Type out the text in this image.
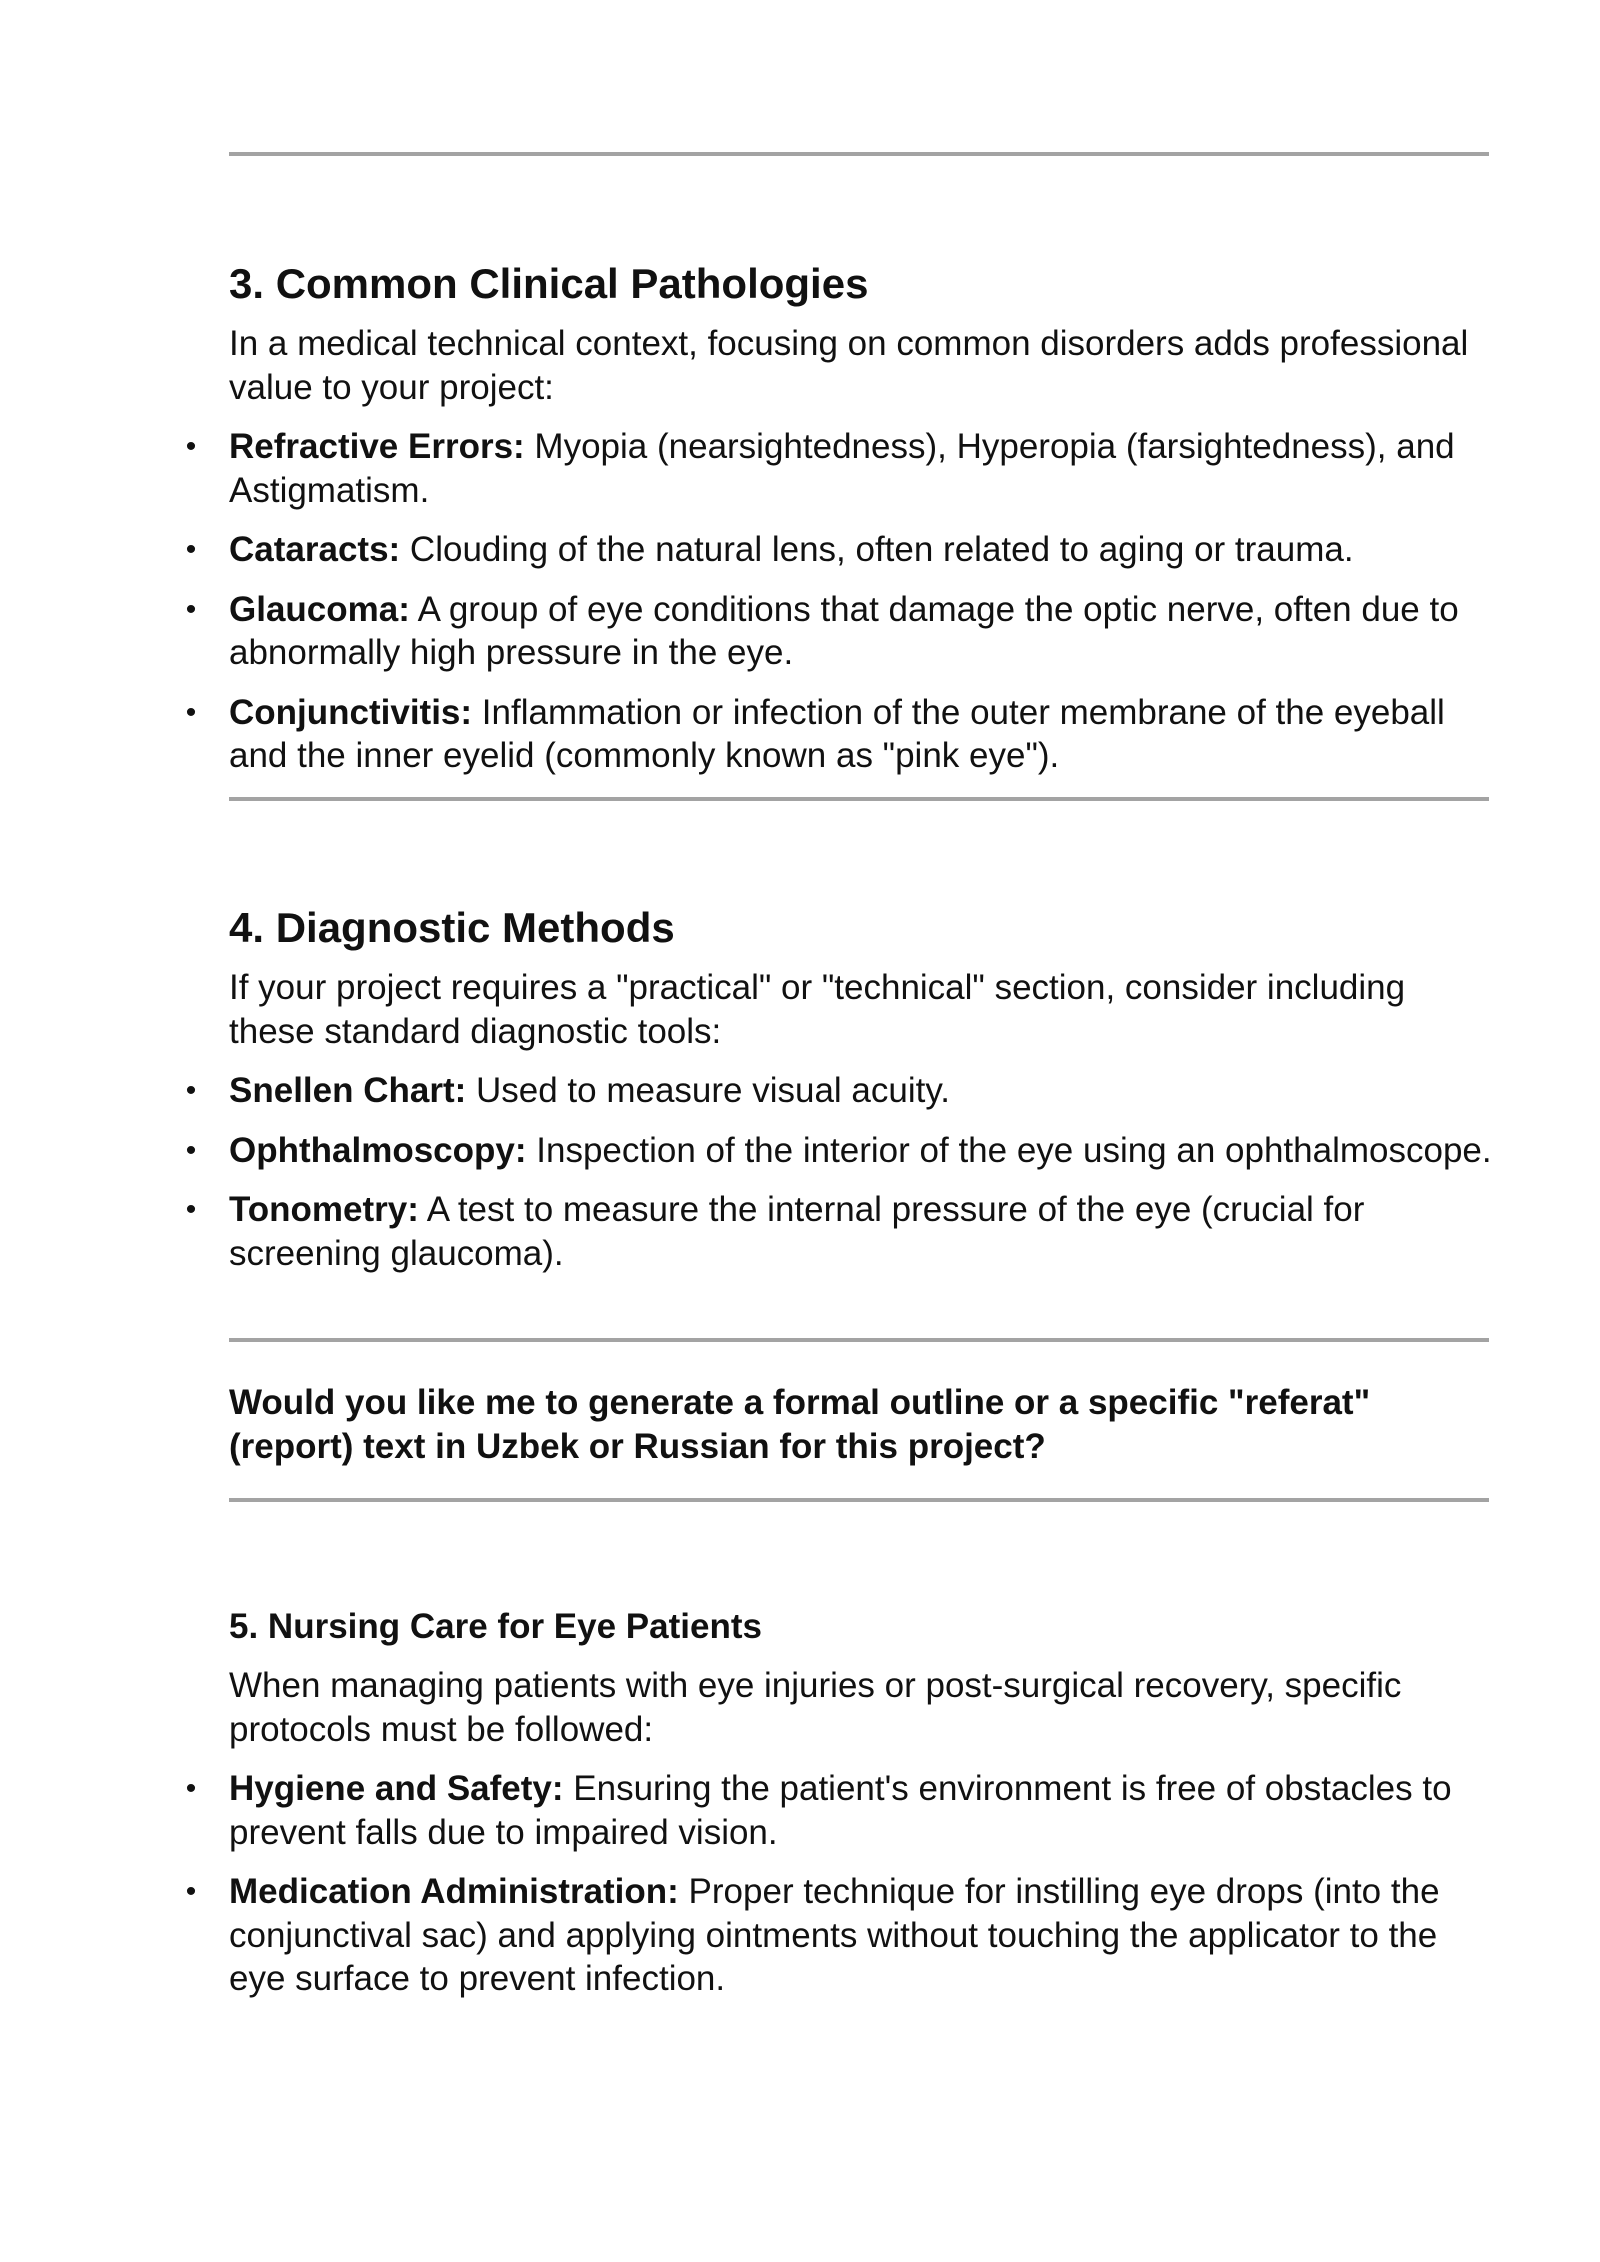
3. Common Clinical Pathologies

In a medical technical context, focusing on common disorders adds professional value to your project:

• Refractive Errors: Myopia (nearsightedness), Hyperopia (farsightedness), and Astigmatism.
• Cataracts: Clouding of the natural lens, often related to aging or trauma.
• Glaucoma: A group of eye conditions that damage the optic nerve, often due to abnormally high pressure in the eye.
• Conjunctivitis: Inflammation or infection of the outer membrane of the eyeball and the inner eyelid (commonly known as "pink eye").
4. Diagnostic Methods

If your project requires a "practical" or "technical" section, consider including these standard diagnostic tools:

• Snellen Chart: Used to measure visual acuity.
• Ophthalmoscopy: Inspection of the interior of the eye using an ophthalmoscope.
• Tonometry: A test to measure the internal pressure of the eye (crucial for screening glaucoma).

Would you like me to generate a formal outline or a specific "referat" (report) text in Uzbek or Russian for this project?

5. Nursing Care for Eye Patients

When managing patients with eye injuries or post-surgical recovery, specific protocols must be followed:

• Hygiene and Safety: Ensuring the patient's environment is free of obstacles to prevent falls due to impaired vision.
• Medication Administration: Proper technique for instilling eye drops (into the conjunctival sac) and applying ointments without touching the applicator to the eye surface to prevent infection.
